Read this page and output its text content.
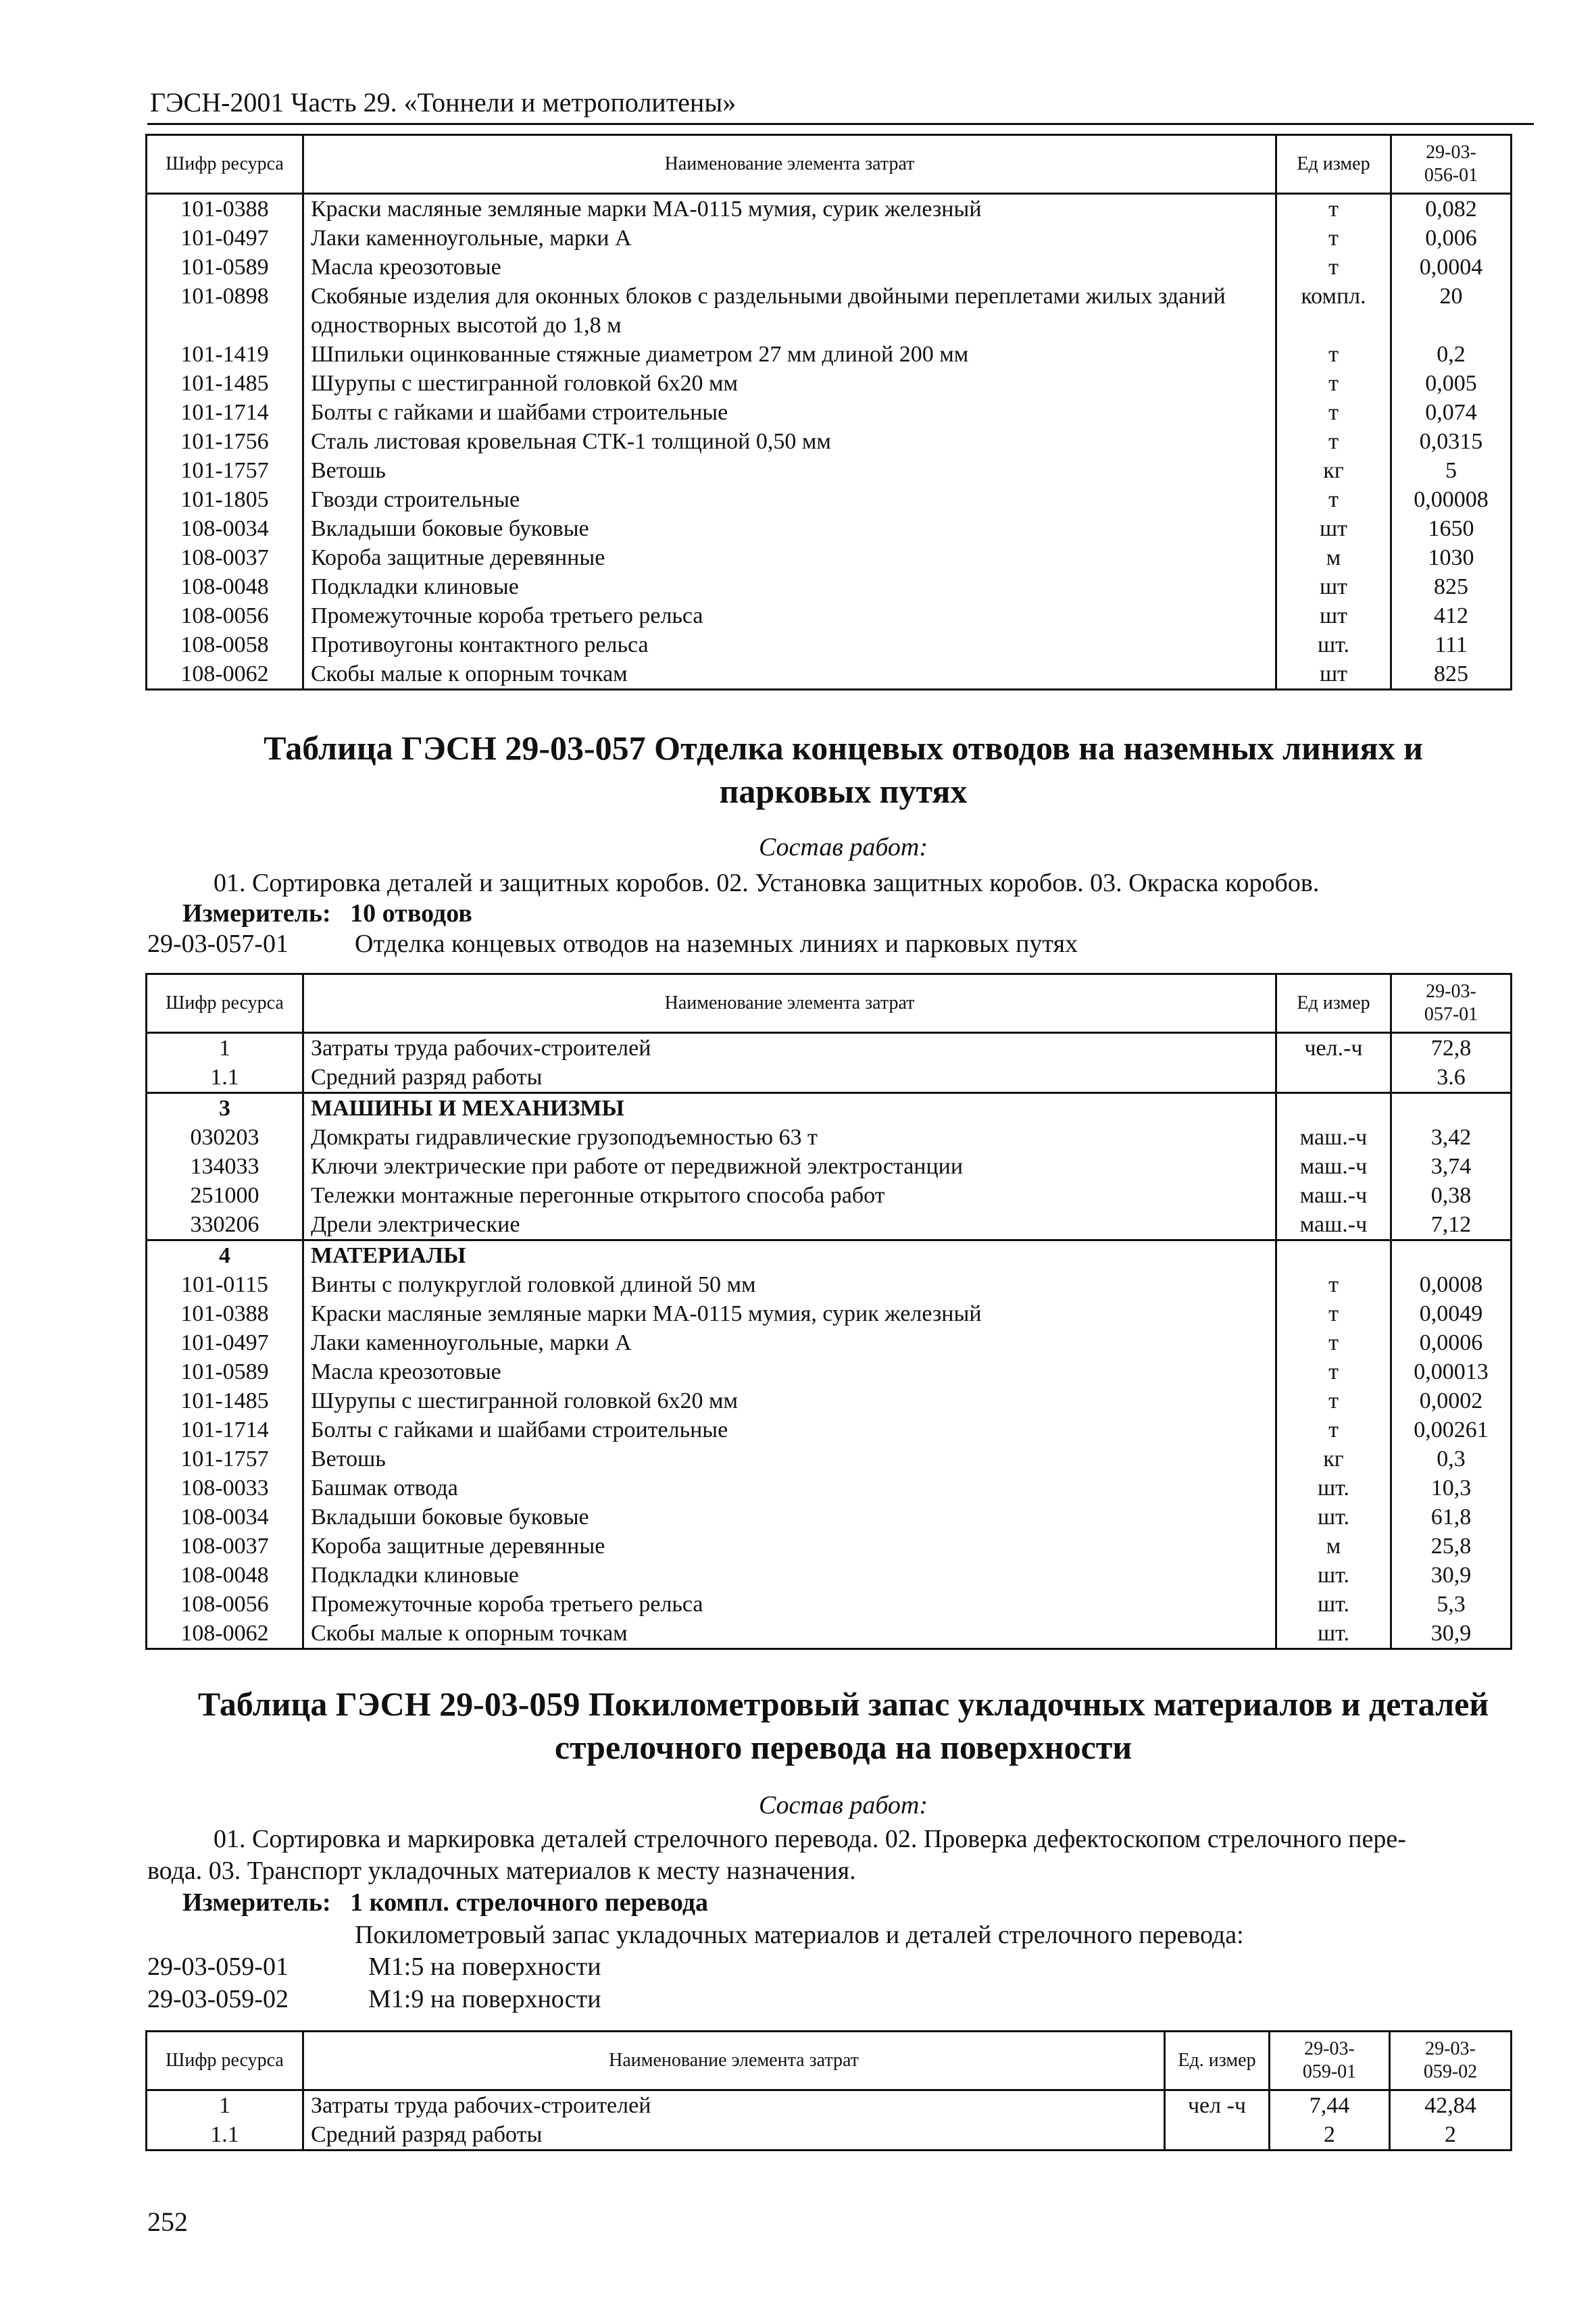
ГЭСН-2001 Часть 29. «Тоннели и метрополитены»
Шифр ресурса	Наименование элемента затрат	Ед измер	29-03-
056-01
101-0388	Краски масляные земляные марки МА-0115 мумия, сурик железный	т	0,082
101-0497	Лаки каменноугольные, марки А	т	0,006
101-0589	Масла креозотовые	т	0,0004
101-0898	Скобяные изделия для оконных блоков с раздельными двойными переплетами жилых зданий одностворных высотой до 1,8 м	компл.	20
101-1419	Шпильки оцинкованные стяжные диаметром 27 мм длиной 200 мм	т	0,2
101-1485	Шурупы с шестигранной головкой 6х20 мм	т	0,005
101-1714	Болты с гайками и шайбами строительные	т	0,074
101-1756	Сталь листовая кровельная СТК-1 толщиной 0,50 мм	т	0,0315
101-1757	Ветошь	кг	5
101-1805	Гвозди строительные	т	0,00008
108-0034	Вкладыши боковые буковые	шт	1650
108-0037	Короба защитные деревянные	м	1030
108-0048	Подкладки клиновые	шт	825
108-0056	Промежуточные короба третьего рельса	шт	412
108-0058	Противоугоны контактного рельса	шт.	111
108-0062	Скобы малые к опорным точкам	шт	825
Таблица ГЭСН 29-03-057 Отделка концевых отводов на наземных линиях и парковых путях
Состав работ:
01. Сортировка деталей и защитных коробов. 02. Установка защитных коробов. 03. Окраска коробов.
Измеритель:   10 отводов
29-03-057-01	Отделка концевых отводов на наземных линиях и парковых путях
Шифр ресурса	Наименование элемента затрат	Ед измер	29-03-
057-01
1	Затраты труда рабочих-строителей	чел.-ч	72,8
1.1	Средний разряд работы		3.6
3	МАШИНЫ И МЕХАНИЗМЫ		
030203	Домкраты гидравлические грузоподъемностью 63 т	маш.-ч	3,42
134033	Ключи электрические при работе от передвижной электростанции	маш.-ч	3,74
251000	Тележки монтажные перегонные открытого способа работ	маш.-ч	0,38
330206	Дрели электрические	маш.-ч	7,12
4	МАТЕРИАЛЫ		
101-0115	Винты с полукруглой головкой длиной 50 мм	т	0,0008
101-0388	Краски масляные земляные марки МА-0115 мумия, сурик железный	т	0,0049
101-0497	Лаки каменноугольные, марки А	т	0,0006
101-0589	Масла креозотовые	т	0,00013
101-1485	Шурупы с шестигранной головкой 6х20 мм	т	0,0002
101-1714	Болты с гайками и шайбами строительные	т	0,00261
101-1757	Ветошь	кг	0,3
108-0033	Башмак отвода	шт.	10,3
108-0034	Вкладыши боковые буковые	шт.	61,8
108-0037	Короба защитные деревянные	м	25,8
108-0048	Подкладки клиновые	шт.	30,9
108-0056	Промежуточные короба третьего рельса	шт.	5,3
108-0062	Скобы малые к опорным точкам	шт.	30,9
Таблица ГЭСН 29-03-059 Покилометровый запас укладочных материалов и деталей стрелочного перевода на поверхности
Состав работ:
01. Сортировка и маркировка деталей стрелочного перевода. 02. Проверка дефектоскопом стрелочного пере-
вода. 03. Транспорт укладочных материалов к месту назначения.
Измеритель:   1 компл. стрелочного перевода
Покилометровый запас укладочных материалов и деталей стрелочного перевода:
29-03-059-01	М1:5 на поверхности
29-03-059-02	М1:9 на поверхности
Шифр ресурса	Наименование элемента затрат	Ед. измер	29-03-
059-01	29-03-
059-02
1	Затраты труда рабочих-строителей	чел -ч	7,44	42,84
1.1	Средний разряд работы		2	2
252
